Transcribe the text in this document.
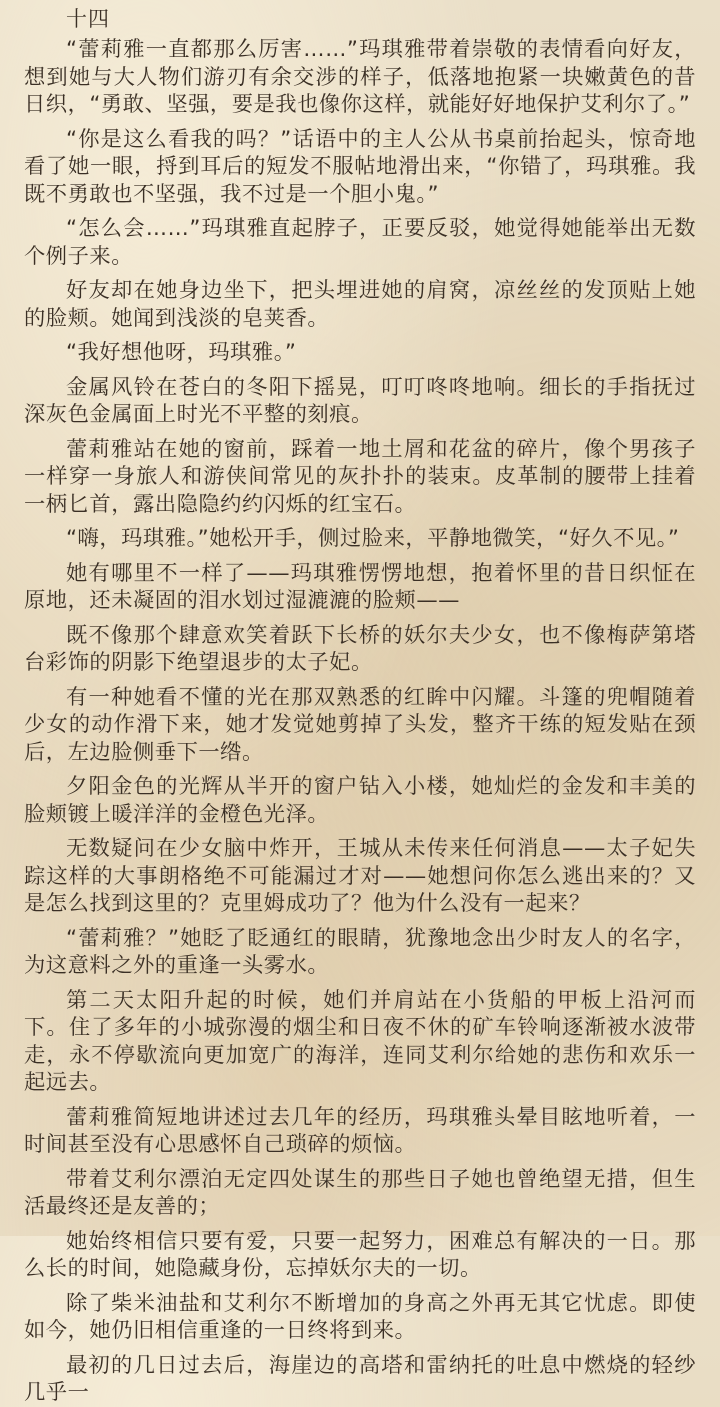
十四

“蕾莉雅一直都那么厉害……”玛琪雅带着崇敬的表情看向好友，想到她与大人物们游刃有余交涉的样子，低落地抱紧一块嫩黄色的昔日织，“勇敢、坚强，要是我也像你这样，就能好好地保护艾利尔了。”

“你是这么看我的吗？”话语中的主人公从书桌前抬起头，惊奇地看了她一眼，捋到耳后的短发不服帖地滑出来，“你错了，玛琪雅。我既不勇敢也不坚强，我不过是一个胆小鬼。”

“怎么会……”玛琪雅直起脖子，正要反驳，她觉得她能举出无数个例子来。

好友却在她身边坐下，把头埋进她的肩窝，凉丝丝的发顶贴上她的脸颊。她闻到浅淡的皂荚香。

“我好想他呀，玛琪雅。”

金属风铃在苍白的冬阳下摇晃，叮叮咚咚地响。细长的手指抚过深灰色金属面上时光不平整的刻痕。

蕾莉雅站在她的窗前，踩着一地土屑和花盆的碎片，像个男孩子一样穿一身旅人和游侠间常见的灰扑扑的装束。皮革制的腰带上挂着一柄匕首，露出隐隐约约闪烁的红宝石。

“嗨，玛琪雅。”她松开手，侧过脸来，平静地微笑，“好久不见。”

她有哪里不一样了——玛琪雅愣愣地想，抱着怀里的昔日织怔在原地，还未凝固的泪水划过湿漉漉的脸颊——

既不像那个肆意欢笑着跃下长桥的妖尔夫少女，也不像梅萨第塔台彩饰的阴影下绝望退步的太子妃。

有一种她看不懂的光在那双熟悉的红眸中闪耀。斗篷的兜帽随着少女的动作滑下来，她才发觉她剪掉了头发，整齐干练的短发贴在颈后，左边脸侧垂下一绺。

夕阳金色的光辉从半开的窗户钻入小楼，她灿烂的金发和丰美的脸颊镀上暖洋洋的金橙色光泽。

无数疑问在少女脑中炸开，王城从未传来任何消息——太子妃失踪这样的大事朗格绝不可能漏过才对——她想问你怎么逃出来的？又是怎么找到这里的？克里姆成功了？他为什么没有一起来？

“蕾莉雅？”她眨了眨通红的眼睛，犹豫地念出少时友人的名字，为这意料之外的重逢一头雾水。

第二天太阳升起的时候，她们并肩站在小货船的甲板上沿河而下。住了多年的小城弥漫的烟尘和日夜不休的矿车铃响逐渐被水波带走，永不停歇流向更加宽广的海洋，连同艾利尔给她的悲伤和欢乐一起远去。

蕾莉雅简短地讲述过去几年的经历，玛琪雅头晕目眩地听着，一时间甚至没有心思感怀自己琐碎的烦恼。

带着艾利尔漂泊无定四处谋生的那些日子她也曾绝望无措，但生活最终还是友善的；

她始终相信只要有爱，只要一起努力，困难总有解决的一日。那么长的时间，她隐藏身份，忘掉妖尔夫的一切。

除了柴米油盐和艾利尔不断增加的身高之外再无其它忧虑。即使如今，她仍旧相信重逢的一日终将到来。

最初的几日过去后，海崖边的高塔和雷纳托的吐息中燃烧的轻纱几乎一
